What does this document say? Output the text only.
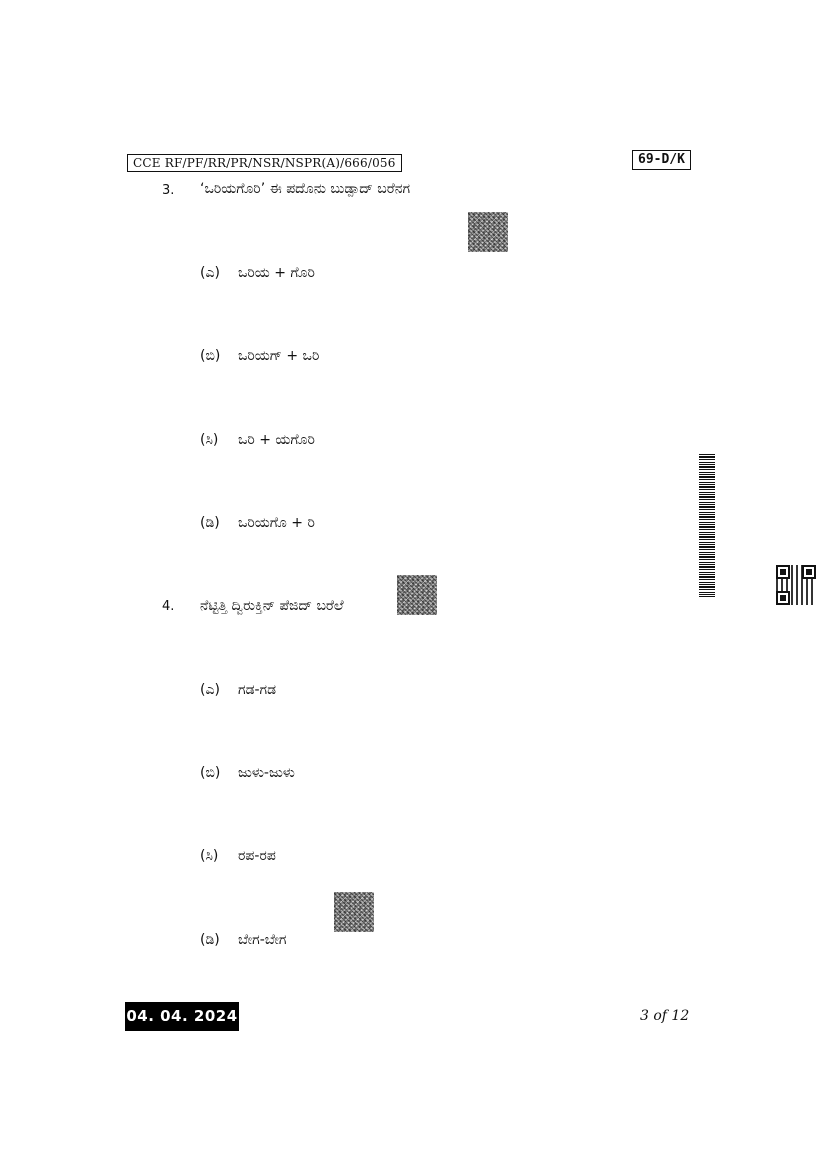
CCE RF/PF/RR/PR/NSR/NSPR(A)/666/056	69-D/K
3. ‘ಒರಿಯಗೊರಿ’ ಈ ಪದೊನು ಬುಡ್ಪಾದ್ ಬರೆನಗ
(ಎ) ಒರಿಯ + ಗೊರಿ
(ಬಿ) ಒರಿಯಗ್ + ಒರಿ
(ಸಿ) ಒರಿ + ಯಗೊರಿ
(ಡಿ) ಒರಿಯಗೊ + ರಿ
4. ನೆಟ್ಟಿತ್ತಿ ದ್ವಿರುಕ್ತಿನ್ ಪೆಜಿದ್ ಬರೆಲೆ
(ಎ) ಗಡ-ಗಡ
(ಬಿ) ಜುಳು-ಜುಳು
(ಸಿ) ರಪ-ರಪ
(ಡಿ) ಬೇಗ-ಬೇಗ
04. 04. 2024	3 of 12
